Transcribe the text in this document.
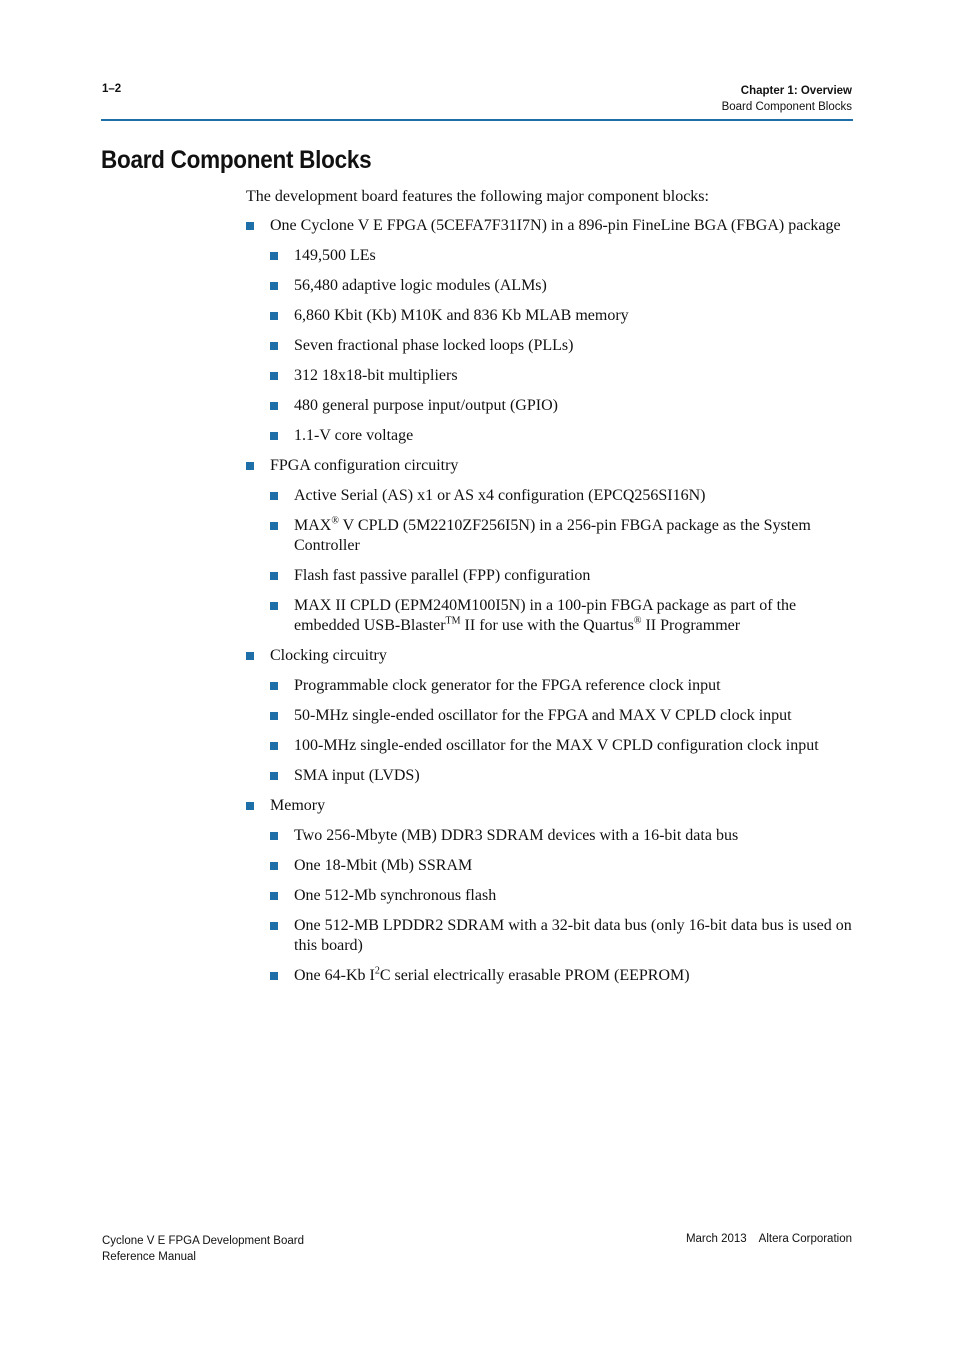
1–2	Chapter 1: Overview
Board Component Blocks
Board Component Blocks

The development board features the following major component blocks:

One Cyclone V E FPGA (5CEFA7F31I7N) in a 896-pin FineLine BGA (FBGA) package
149,500 LEs
56,480 adaptive logic modules (ALMs)
6,860 Kbit (Kb) M10K and 836 Kb MLAB memory
Seven fractional phase locked loops (PLLs)
312 18x18-bit multipliers
480 general purpose input/output (GPIO)
1.1-V core voltage
FPGA configuration circuitry
Active Serial (AS) x1 or AS x4 configuration (EPCQ256SI16N)
MAX® V CPLD (5M2210ZF256I5N) in a 256-pin FBGA package as the System Controller
Flash fast passive parallel (FPP) configuration
MAX II CPLD (EPM240M100I5N) in a 100-pin FBGA package as part of the embedded USB-Blaster™ II for use with the Quartus® II Programmer
Clocking circuitry
Programmable clock generator for the FPGA reference clock input
50-MHz single-ended oscillator for the FPGA and MAX V CPLD clock input
100-MHz single-ended oscillator for the MAX V CPLD configuration clock input
SMA input (LVDS)
Memory
Two 256-Mbyte (MB) DDR3 SDRAM devices with a 16-bit data bus
One 18-Mbit (Mb) SSRAM
One 512-Mb synchronous flash
One 512-MB LPDDR2 SDRAM with a 32-bit data bus (only 16-bit data bus is used on this board)
One 64-Kb $I^2C$ serial electrically erasable PROM (EEPROM)
Cyclone V E FPGA Development Board
Reference Manual
March 2013 Altera Corporation
